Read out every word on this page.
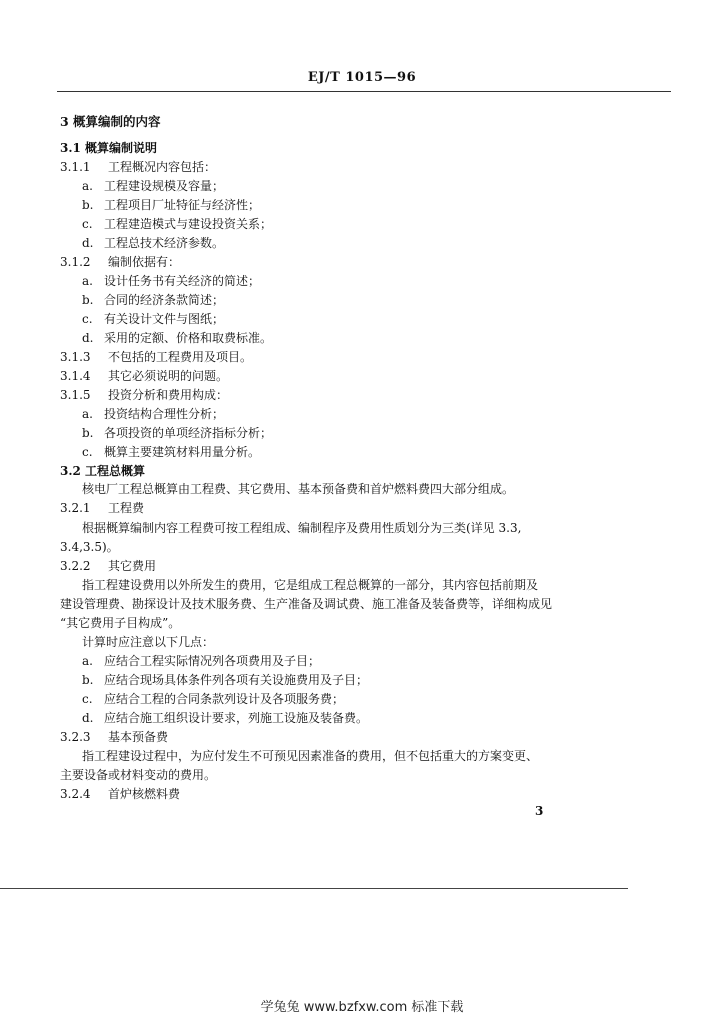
EJ/T 1015—96
3 概算编制的内容
3.1 概算编制说明
3.1.1 工程概况内容包括：
a. 工程建设规模及容量；
b. 工程项目厂址特征与经济性；
c. 工程建造模式与建设投资关系；
d. 工程总技术经济参数。
3.1.2 编制依据有：
a. 设计任务书有关经济的简述；
b. 合同的经济条款简述；
c. 有关设计文件与图纸；
d. 采用的定额、价格和取费标准。
3.1.3 不包括的工程费用及项目。
3.1.4 其它必须说明的问题。
3.1.5 投资分析和费用构成：
a. 投资结构合理性分析；
b. 各项投资的单项经济指标分析；
c. 概算主要建筑材料用量分析。
3.2 工程总概算
核电厂工程总概算由工程费、其它费用、基本预备费和首炉燃料费四大部分组成。
3.2.1 工程费
根据概算编制内容工程费可按工程组成、编制程序及费用性质划分为三类(详见 3.3,
3.4,3.5)。
3.2.2 其它费用
指工程建设费用以外所发生的费用，它是组成工程总概算的一部分，其内容包括前期及
建设管理费、勘探设计及技术服务费、生产准备及调试费、施工准备及装备费等，详细构成见
“其它费用子目构成”。
计算时应注意以下几点：
a. 应结合工程实际情况列各项费用及子目；
b. 应结合现场具体条件列各项有关设施费用及子目；
c. 应结合工程的合同条款列设计及各项服务费；
d. 应结合施工组织设计要求，列施工设施及装备费。
3.2.3 基本预备费
指工程建设过程中，为应付发生不可预见因素准备的费用，但不包括重大的方案变更、
主要设备或材料变动的费用。
3.2.4 首炉核燃料费
3
学兔兔 www.bzfxw.com 标准下载
